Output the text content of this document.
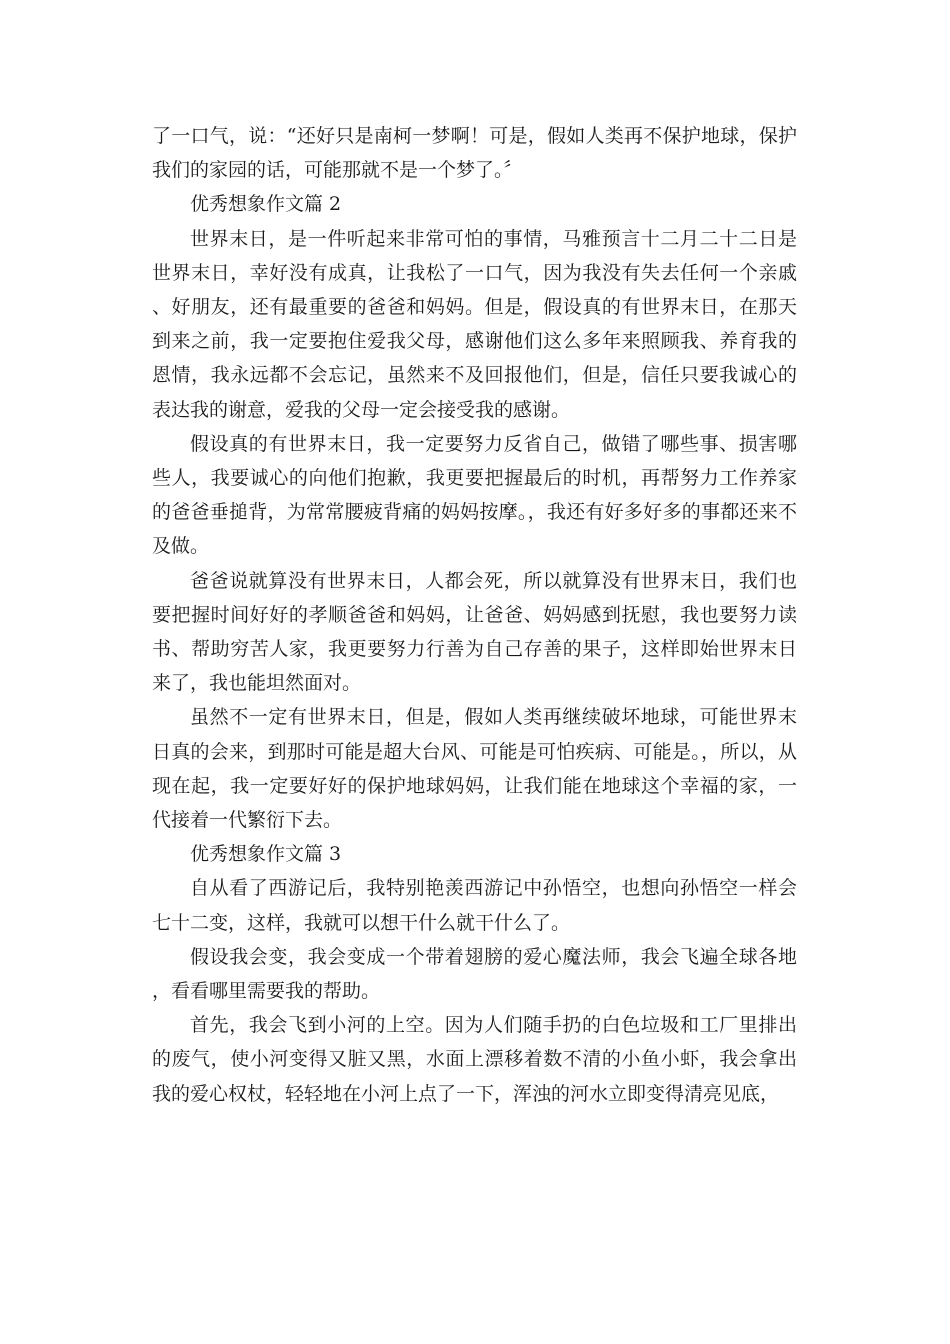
了一口气，说：“还好只是南柯一梦啊！可是，假如人类再不保护地球，保护我们的家园的话，可能那就不是一个梦了。〞

优秀想象作文篇 2

世界末日，是一件听起来非常可怕的事情，马雅预言十二月二十二日是世界末日，幸好没有成真，让我松了一口气，因为我没有失去任何一个亲戚、好朋友，还有最重要的爸爸和妈妈。但是，假设真的有世界末日，在那天到来之前，我一定要抱住爱我父母，感谢他们这么多年来照顾我、养育我的恩情，我永远都不会忘记，虽然来不及回报他们，但是，信任只要我诚心的表达我的谢意，爱我的父母一定会接受我的感谢。

假设真的有世界末日，我一定要努力反省自己，做错了哪些事、损害哪些人，我要诚心的向他们抱歉，我更要把握最后的时机，再帮努力工作养家的爸爸垂搥背，为常常腰疲背痛的妈妈按摩。，我还有好多好多的事都还来不及做。

爸爸说就算没有世界末日，人都会死，所以就算没有世界末日，我们也要把握时间好好的孝顺爸爸和妈妈，让爸爸、妈妈感到抚慰，我也要努力读书、帮助穷苦人家，我更要努力行善为自己存善的果子，这样即始世界末日来了，我也能坦然面对。

虽然不一定有世界末日，但是，假如人类再继续破坏地球，可能世界末日真的会来，到那时可能是超大台风、可能是可怕疾病、可能是。，所以，从现在起，我一定要好好的保护地球妈妈，让我们能在地球这个幸福的家，一代接着一代繁衍下去。

优秀想象作文篇 3

自从看了西游记后，我特别艳羡西游记中孙悟空，也想向孙悟空一样会七十二变，这样，我就可以想干什么就干什么了。

假设我会变，我会变成一个带着翅膀的爱心魔法师，我会飞遍全球各地，看看哪里需要我的帮助。

首先，我会飞到小河的上空。因为人们随手扔的白色垃圾和工厂里排出的废气，使小河变得又脏又黑，水面上漂移着数不清的小鱼小虾，我会拿出我的爱心权杖，轻轻地在小河上点了一下，浑浊的河水立即变得清亮见底，
